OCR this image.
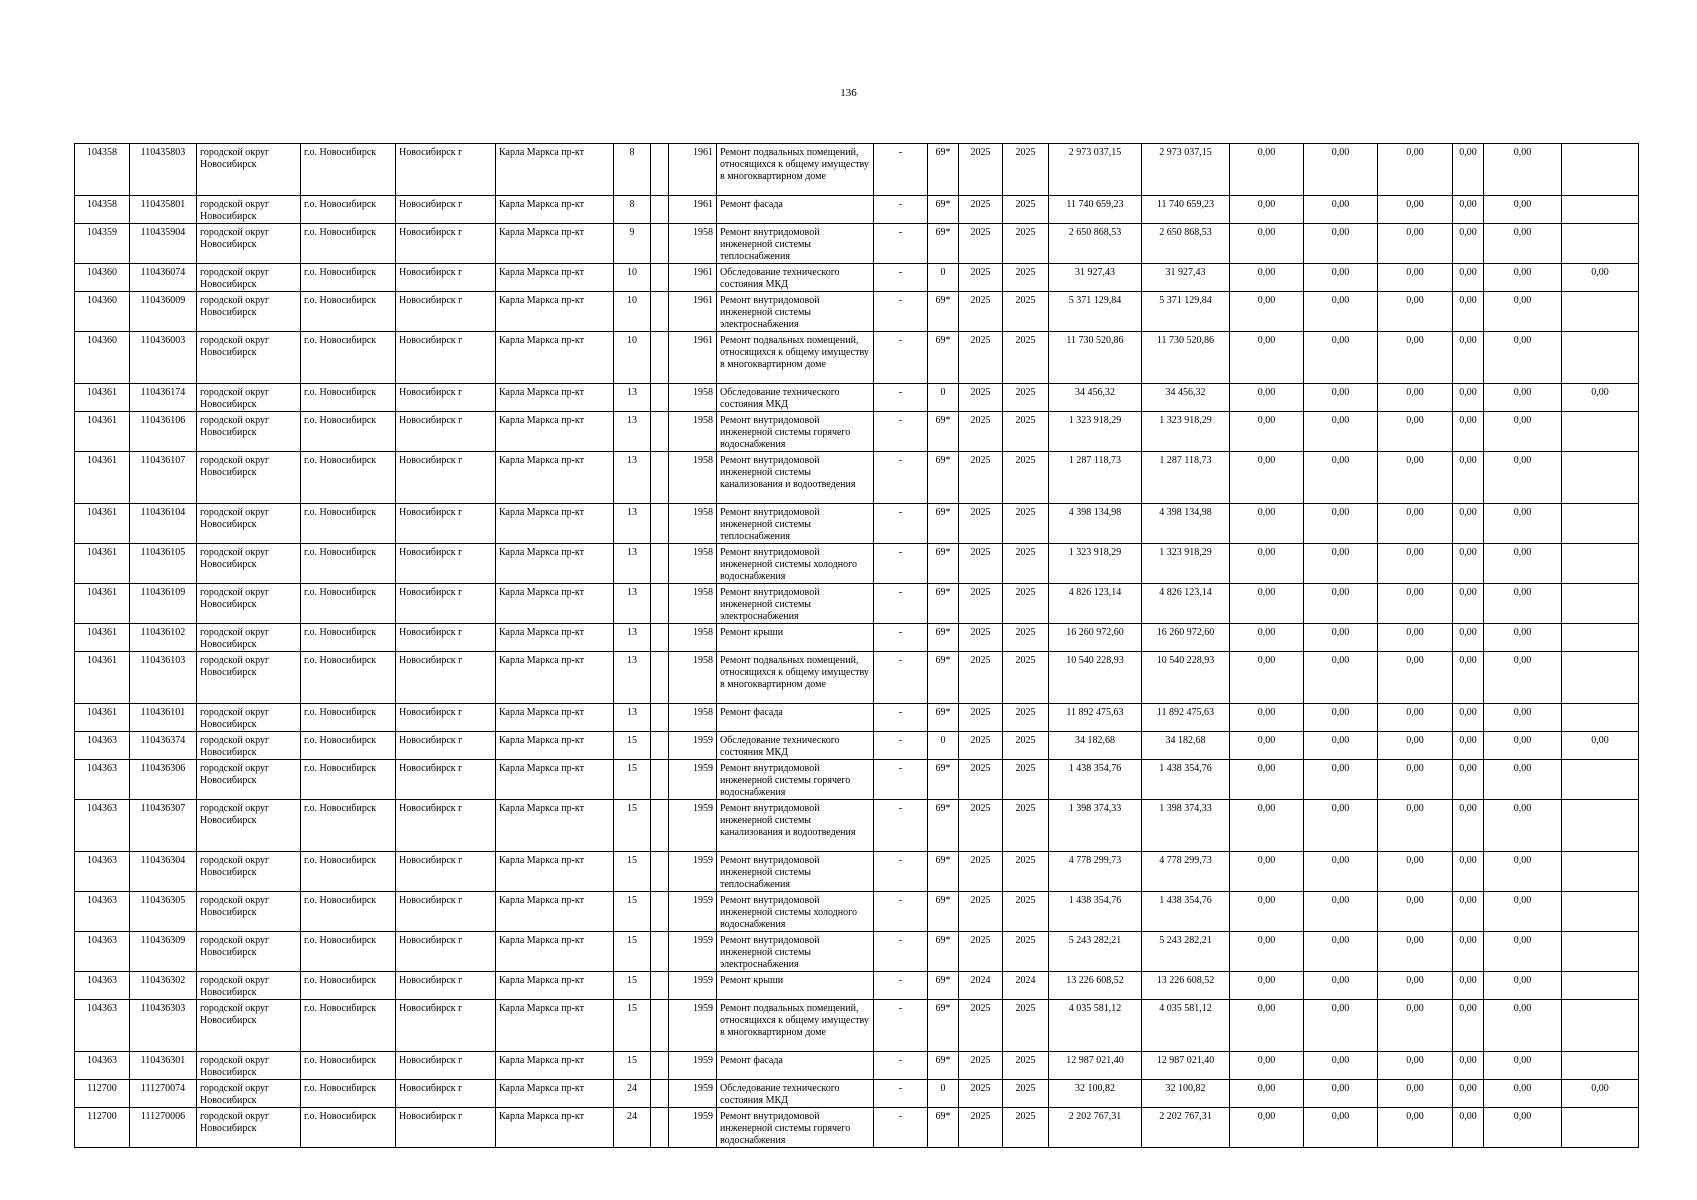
136
104358	110435803	городской округ Новосибирск	г.о. Новосибирск	Новосибирск г	Карла Маркса пр-кт	8		1961	Ремонт подвальных помещений, относящихся к общему имуществу в многоквартирном доме	-	69*	2025	2025	2 973 037,15	2 973 037,15	0,00	0,00	0,00	0,00	0,00	
104358	110435801	городской округ Новосибирск	г.о. Новосибирск	Новосибирск г	Карла Маркса пр-кт	8		1961	Ремонт фасада	-	69*	2025	2025	11 740 659,23	11 740 659,23	0,00	0,00	0,00	0,00	0,00	
104359	110435904	городской округ Новосибирск	г.о. Новосибирск	Новосибирск г	Карла Маркса пр-кт	9		1958	Ремонт внутридомовой инженерной системы теплоснабжения	-	69*	2025	2025	2 650 868,53	2 650 868,53	0,00	0,00	0,00	0,00	0,00	
104360	110436074	городской округ Новосибирск	г.о. Новосибирск	Новосибирск г	Карла Маркса пр-кт	10		1961	Обследование технического состояния МКД	-	0	2025	2025	31 927,43	31 927,43	0,00	0,00	0,00	0,00	0,00	0,00
104360	110436009	городской округ Новосибирск	г.о. Новосибирск	Новосибирск г	Карла Маркса пр-кт	10		1961	Ремонт внутридомовой инженерной системы электроснабжения	-	69*	2025	2025	5 371 129,84	5 371 129,84	0,00	0,00	0,00	0,00	0,00	
104360	110436003	городской округ Новосибирск	г.о. Новосибирск	Новосибирск г	Карла Маркса пр-кт	10		1961	Ремонт подвальных помещений, относящихся к общему имуществу в многоквартирном доме	-	69*	2025	2025	11 730 520,86	11 730 520,86	0,00	0,00	0,00	0,00	0,00	
104361	110436174	городской округ Новосибирск	г.о. Новосибирск	Новосибирск г	Карла Маркса пр-кт	13		1958	Обследование технического состояния МКД	-	0	2025	2025	34 456,32	34 456,32	0,00	0,00	0,00	0,00	0,00	0,00
104361	110436106	городской округ Новосибирск	г.о. Новосибирск	Новосибирск г	Карла Маркса пр-кт	13		1958	Ремонт внутридомовой инженерной системы горячего водоснабжения	-	69*	2025	2025	1 323 918,29	1 323 918,29	0,00	0,00	0,00	0,00	0,00	
104361	110436107	городской округ Новосибирск	г.о. Новосибирск	Новосибирск г	Карла Маркса пр-кт	13		1958	Ремонт внутридомовой инженерной системы канализования и водоотведения	-	69*	2025	2025	1 287 118,73	1 287 118,73	0,00	0,00	0,00	0,00	0,00	
104361	110436104	городской округ Новосибирск	г.о. Новосибирск	Новосибирск г	Карла Маркса пр-кт	13		1958	Ремонт внутридомовой инженерной системы теплоснабжения	-	69*	2025	2025	4 398 134,98	4 398 134,98	0,00	0,00	0,00	0,00	0,00	
104361	110436105	городской округ Новосибирск	г.о. Новосибирск	Новосибирск г	Карла Маркса пр-кт	13		1958	Ремонт внутридомовой инженерной системы холодного водоснабжения	-	69*	2025	2025	1 323 918,29	1 323 918,29	0,00	0,00	0,00	0,00	0,00	
104361	110436109	городской округ Новосибирск	г.о. Новосибирск	Новосибирск г	Карла Маркса пр-кт	13		1958	Ремонт внутридомовой инженерной системы электроснабжения	-	69*	2025	2025	4 826 123,14	4 826 123,14	0,00	0,00	0,00	0,00	0,00	
104361	110436102	городской округ Новосибирск	г.о. Новосибирск	Новосибирск г	Карла Маркса пр-кт	13		1958	Ремонт крыши	-	69*	2025	2025	16 260 972,60	16 260 972,60	0,00	0,00	0,00	0,00	0,00	
104361	110436103	городской округ Новосибирск	г.о. Новосибирск	Новосибирск г	Карла Маркса пр-кт	13		1958	Ремонт подвальных помещений, относящихся к общему имуществу в многоквартирном доме	-	69*	2025	2025	10 540 228,93	10 540 228,93	0,00	0,00	0,00	0,00	0,00	
104361	110436101	городской округ Новосибирск	г.о. Новосибирск	Новосибирск г	Карла Маркса пр-кт	13		1958	Ремонт фасада	-	69*	2025	2025	11 892 475,63	11 892 475,63	0,00	0,00	0,00	0,00	0,00	
104363	110436374	городской округ Новосибирск	г.о. Новосибирск	Новосибирск г	Карла Маркса пр-кт	15		1959	Обследование технического состояния МКД	-	0	2025	2025	34 182,68	34 182,68	0,00	0,00	0,00	0,00	0,00	0,00
104363	110436306	городской округ Новосибирск	г.о. Новосибирск	Новосибирск г	Карла Маркса пр-кт	15		1959	Ремонт внутридомовой инженерной системы горячего водоснабжения	-	69*	2025	2025	1 438 354,76	1 438 354,76	0,00	0,00	0,00	0,00	0,00	
104363	110436307	городской округ Новосибирск	г.о. Новосибирск	Новосибирск г	Карла Маркса пр-кт	15		1959	Ремонт внутридомовой инженерной системы канализования и водоотведения	-	69*	2025	2025	1 398 374,33	1 398 374,33	0,00	0,00	0,00	0,00	0,00	
104363	110436304	городской округ Новосибирск	г.о. Новосибирск	Новосибирск г	Карла Маркса пр-кт	15		1959	Ремонт внутридомовой инженерной системы теплоснабжения	-	69*	2025	2025	4 778 299,73	4 778 299,73	0,00	0,00	0,00	0,00	0,00	
104363	110436305	городской округ Новосибирск	г.о. Новосибирск	Новосибирск г	Карла Маркса пр-кт	15		1959	Ремонт внутридомовой инженерной системы холодного водоснабжения	-	69*	2025	2025	1 438 354,76	1 438 354,76	0,00	0,00	0,00	0,00	0,00	
104363	110436309	городской округ Новосибирск	г.о. Новосибирск	Новосибирск г	Карла Маркса пр-кт	15		1959	Ремонт внутридомовой инженерной системы электроснабжения	-	69*	2025	2025	5 243 282,21	5 243 282,21	0,00	0,00	0,00	0,00	0,00	
104363	110436302	городской округ Новосибирск	г.о. Новосибирск	Новосибирск г	Карла Маркса пр-кт	15		1959	Ремонт крыши	-	69*	2024	2024	13 226 608,52	13 226 608,52	0,00	0,00	0,00	0,00	0,00	
104363	110436303	городской округ Новосибирск	г.о. Новосибирск	Новосибирск г	Карла Маркса пр-кт	15		1959	Ремонт подвальных помещений, относящихся к общему имуществу в многоквартирном доме	-	69*	2025	2025	4 035 581,12	4 035 581,12	0,00	0,00	0,00	0,00	0,00	
104363	110436301	городской округ Новосибирск	г.о. Новосибирск	Новосибирск г	Карла Маркса пр-кт	15		1959	Ремонт фасада	-	69*	2025	2025	12 987 021,40	12 987 021,40	0,00	0,00	0,00	0,00	0,00	
112700	111270074	городской округ Новосибирск	г.о. Новосибирск	Новосибирск г	Карла Маркса пр-кт	24		1959	Обследование технического состояния МКД	-	0	2025	2025	32 100,82	32 100,82	0,00	0,00	0,00	0,00	0,00	0,00
112700	111270006	городской округ Новосибирск	г.о. Новосибирск	Новосибирск г	Карла Маркса пр-кт	24		1959	Ремонт внутридомовой инженерной системы горячего водоснабжения	-	69*	2025	2025	2 202 767,31	2 202 767,31	0,00	0,00	0,00	0,00	0,00	
